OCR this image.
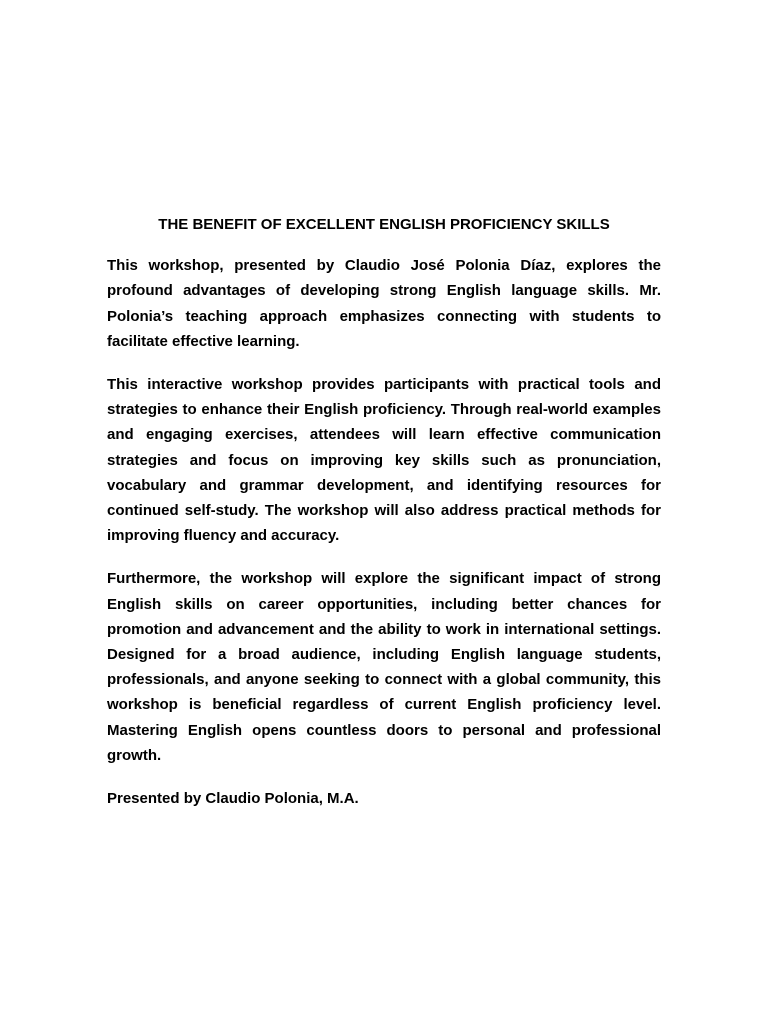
THE BENEFIT OF EXCELLENT ENGLISH PROFICIENCY SKILLS

This workshop, presented by Claudio José Polonia Díaz, explores the profound advantages of developing strong English language skills. Mr. Polonia’s teaching approach emphasizes connecting with students to facilitate effective learning.

This interactive workshop provides participants with practical tools and strategies to enhance their English proficiency. Through real-world examples and engaging exercises, attendees will learn effective communication strategies and focus on improving key skills such as pronunciation, vocabulary and grammar development, and identifying resources for continued self-study. The workshop will also address practical methods for improving fluency and accuracy.

Furthermore, the workshop will explore the significant impact of strong English skills on career opportunities, including better chances for promotion and advancement and the ability to work in international settings. Designed for a broad audience, including English language students, professionals, and anyone seeking to connect with a global community, this workshop is beneficial regardless of current English proficiency level. Mastering English opens countless doors to personal and professional growth.

Presented by Claudio Polonia, M.A.
